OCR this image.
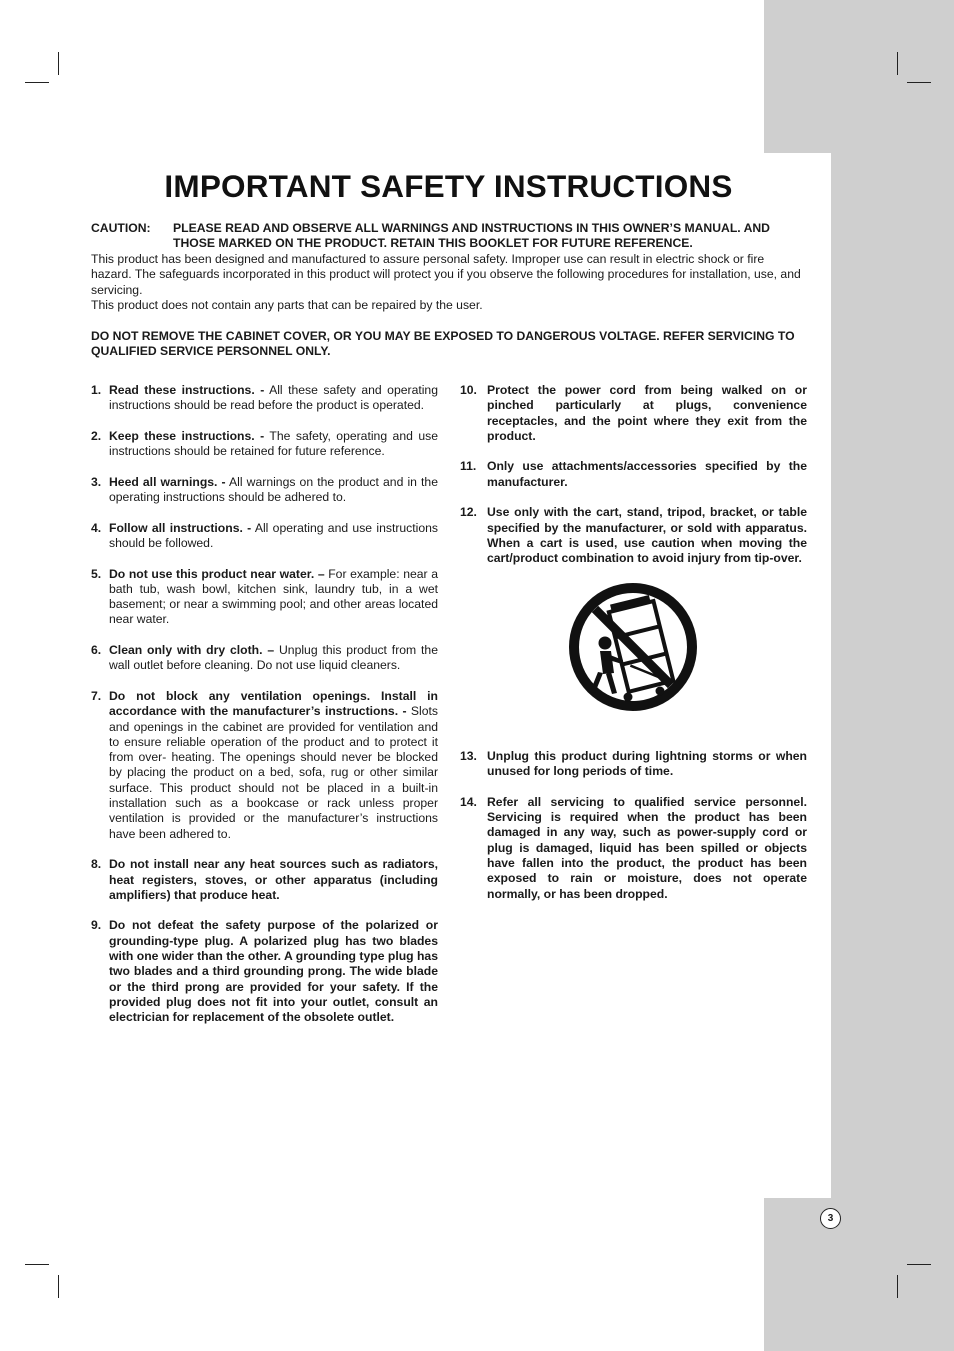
IMPORTANT SAFETY INSTRUCTIONS
CAUTION:	PLEASE READ AND OBSERVE ALL WARNINGS AND INSTRUCTIONS IN THIS OWNER’S MANUAL. AND THOSE MARKED ON THE PRODUCT. RETAIN THIS BOOKLET FOR FUTURE REFERENCE.

This product has been designed and manufactured to assure personal safety. Improper use can result in electric shock or fire hazard. The safeguards incorporated in this product will protect you if you observe the following procedures for installation, use, and servicing.

This product does not contain any parts that can be repaired by the user.

DO NOT REMOVE THE CABINET COVER, OR YOU MAY BE EXPOSED TO DANGEROUS VOLTAGE. REFER SERVICING TO QUALIFIED SERVICE PERSONNEL ONLY.
1. Read these instructions. - All these safety and operating instructions should be read before the product is operated.
2. Keep these instructions. - The safety, operating and use instructions should be retained for future reference.
3. Heed all warnings. - All warnings on the product and in the operating instructions should be adhered to.
4. Follow all instructions. - All operating and use instructions should be followed.
5. Do not use this product near water. – For example: near a bath tub, wash bowl, kitchen sink, laundry tub, in a wet basement; or near a swimming pool; and other areas located near water.
6. Clean only with dry cloth. – Unplug this product from the wall outlet before cleaning. Do not use liquid cleaners.
7. Do not block any ventilation openings. Install in accordance with the manufacturer’s instructions. - Slots and openings in the cabinet are provided for ventilation and to ensure reliable operation of the product and to protect it from over- heating. The openings should never be blocked by placing the product on a bed, sofa, rug or other similar surface. This product should not be placed in a built-in installation such as a bookcase or rack unless proper ventilation is provided or the manufacturer’s instructions have been adhered to.
8. Do not install near any heat sources such as radiators, heat registers, stoves, or other apparatus (including amplifiers) that produce heat.
9. Do not defeat the safety purpose of the polarized or grounding-type plug. A polarized plug has two blades with one wider than the other. A grounding type plug has two blades and a third grounding prong. The wide blade or the third prong are provided for your safety. If the provided plug does not fit into your outlet, consult an electrician for replacement of the obsolete outlet.
10. Protect the power cord from being walked on or pinched particularly at plugs, convenience receptacles, and the point where they exit from the product.
11. Only use attachments/accessories specified by the manufacturer.
12. Use only with the cart, stand, tripod, bracket, or table specified by the manufacturer, or sold with apparatus. When a cart is used, use caution when moving the cart/product combination to avoid injury from tip-over.
13. Unplug this product during lightning storms or when unused for long periods of time.
14. Refer all servicing to qualified service personnel. Servicing is required when the product has been damaged in any way, such as power-supply cord or plug is damaged, liquid has been spilled or objects have fallen into the product, the product has been exposed to rain or moisture, does not operate normally, or has been dropped.
3
